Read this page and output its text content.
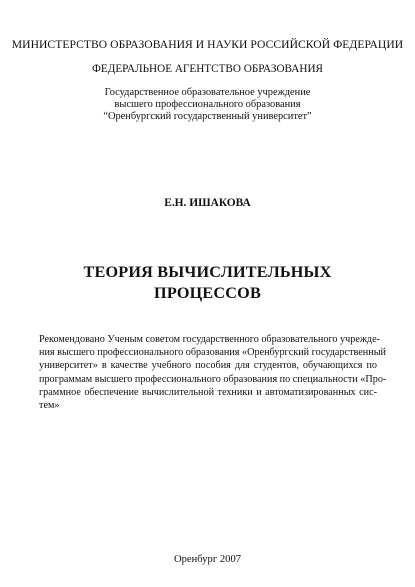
МИНИСТЕРСТВО ОБРАЗОВАНИЯ И НАУКИ РОССИЙСКОЙ ФЕДЕРАЦИИ
ФЕДЕРАЛЬНОЕ АГЕНТСТВО ОБРАЗОВАНИЯ
Государственное образовательное учреждение
высшего профессионального образования
“Оренбургский государственный университет”
Е.Н. ИШАКОВА
ТЕОРИЯ ВЫЧИСЛИТЕЛЬНЫХ
ПРОЦЕССОВ
Рекомендовано Ученым советом государственного образовательного учрежде-
ния высшего профессионального образования «Оренбургский государственный
университет» в качестве учебного пособия для студентов, обучающихся по
программам высшего профессионального образования по специальности «Про-
граммное обеспечение вычислительной техники и автоматизированных сис-
тем»
Оренбург 2007
